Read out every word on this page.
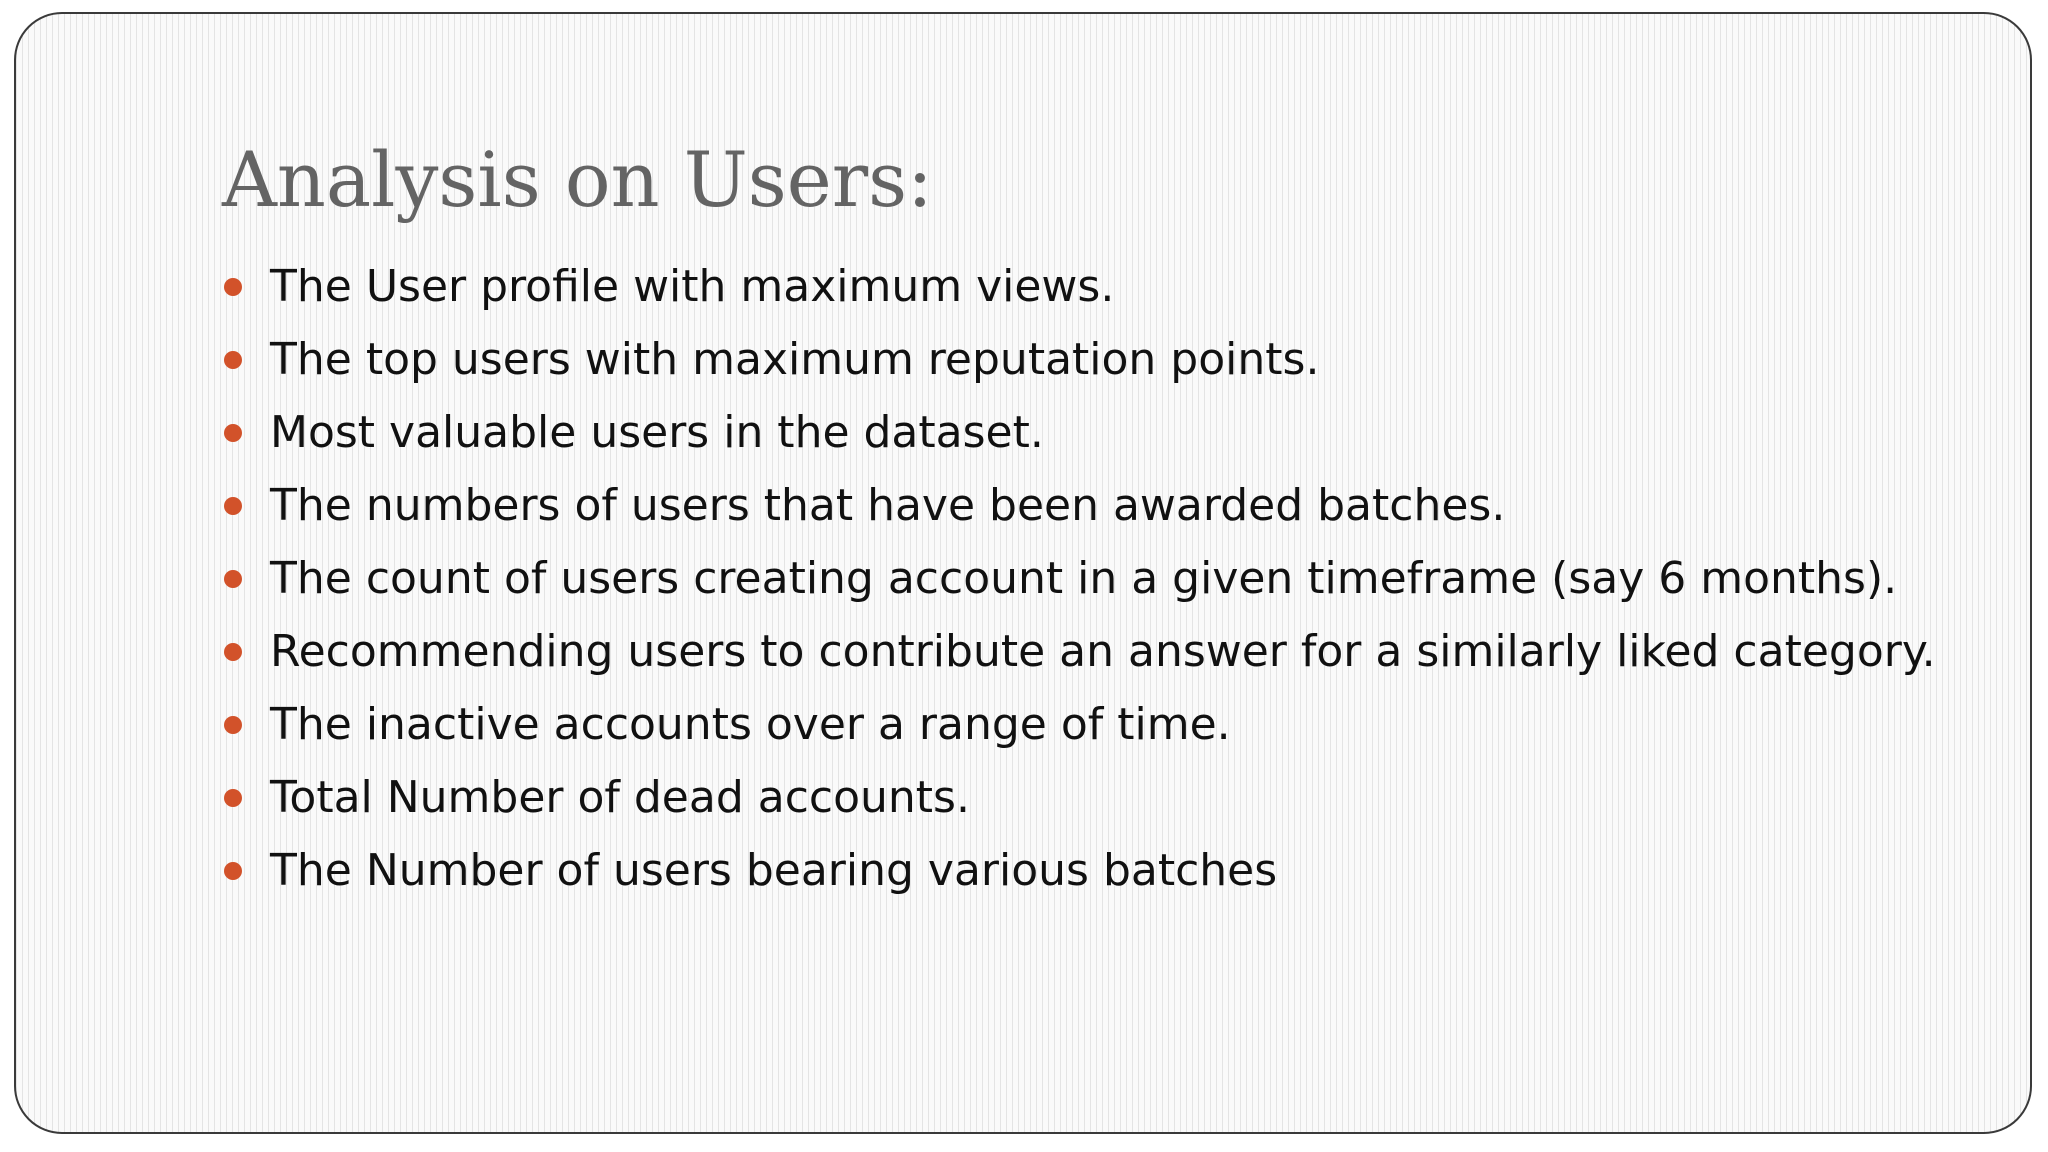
Analysis on Users:
The User profile with maximum views.
The top users with maximum reputation points.
Most valuable users in the dataset.
The numbers of users that have been awarded batches.
The count of users creating account in a given timeframe (say 6 months).
Recommending users to contribute an answer for a similarly liked category.
The inactive accounts over a range of time.
Total Number of dead accounts.
The Number of users bearing various batches
